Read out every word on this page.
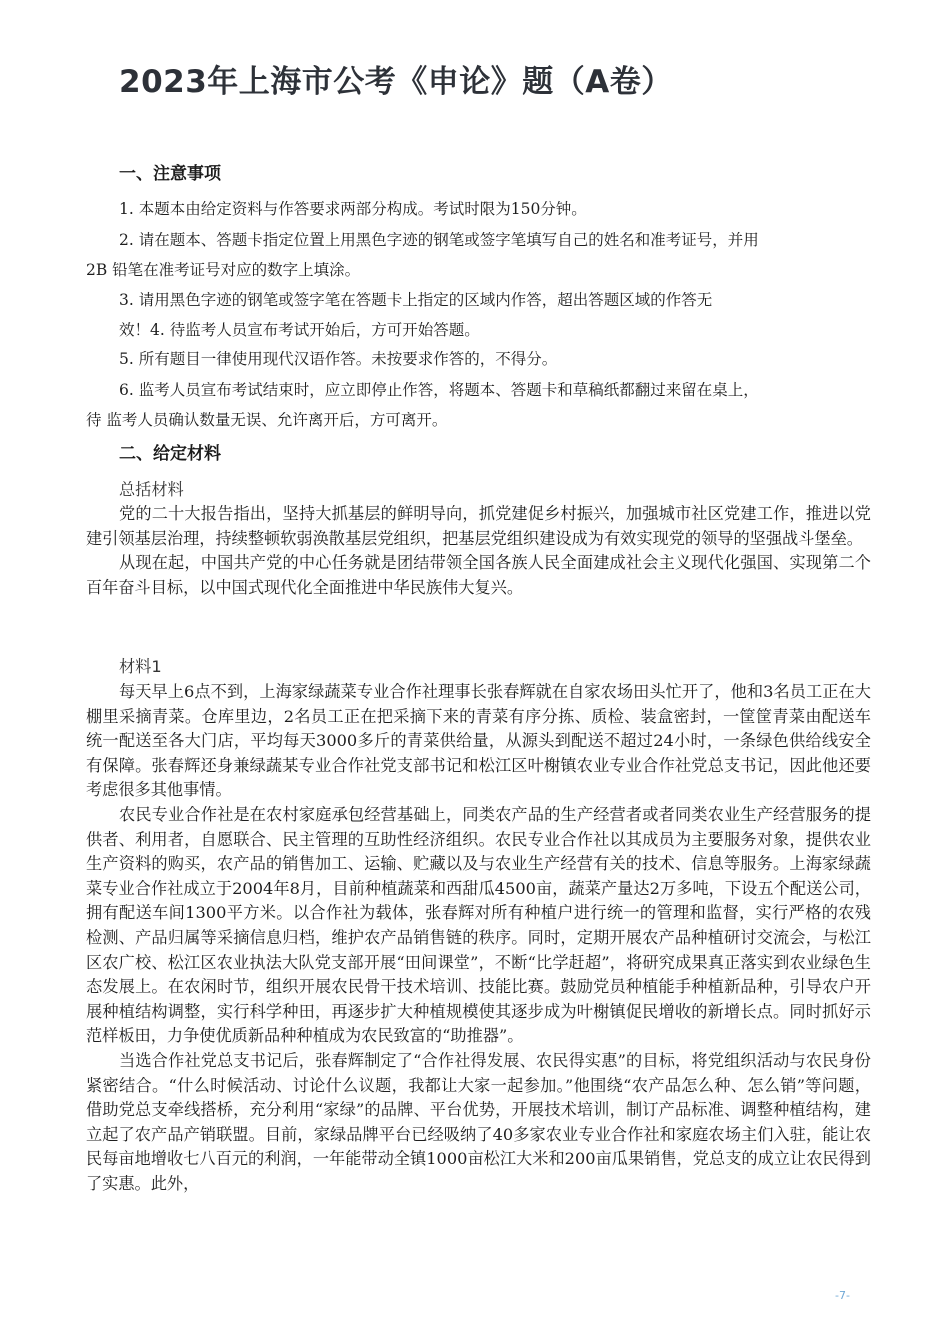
2023年上海市公考《申论》题（A卷）
一、注意事项
1. 本题本由给定资料与作答要求两部分构成。考试时限为150分钟。
2. 请在题本、答题卡指定位置上用黑色字迹的钢笔或签字笔填写自己的姓名和准考证号，并用
2B 铅笔在准考证号对应的数字上填涂。
3. 请用黑色字迹的钢笔或签字笔在答题卡上指定的区域内作答，超出答题区域的作答无
效！4. 待监考人员宣布考试开始后，方可开始答题。
5. 所有题目一律使用现代汉语作答。未按要求作答的，不得分。
6. 监考人员宣布考试结束时，应立即停止作答，将题本、答题卡和草稿纸都翻过来留在桌上，
待 监考人员确认数量无误、允许离开后，方可离开。
二、给定材料
总括材料

党的二十大报告指出，坚持大抓基层的鲜明导向，抓党建促乡村振兴，加强城市社区党建工作，推进以党建引领基层治理，持续整顿软弱涣散基层党组织，把基层党组织建设成为有效实现党的领导的坚强战斗堡垒。

从现在起，中国共产党的中心任务就是团结带领全国各族人民全面建成社会主义现代化强国、实现第二个百年奋斗目标，以中国式现代化全面推进中华民族伟大复兴。

材料1

每天早上6点不到，上海家绿蔬菜专业合作社理事长张春辉就在自家农场田头忙开了，他和3名员工正在大棚里采摘青菜。仓库里边，2名员工正在把采摘下来的青菜有序分拣、质检、装盒密封，一筐筐青菜由配送车统一配送至各大门店，平均每天3000多斤的青菜供给量，从源头到配送不超过24小时，一条绿色供给线安全有保障。张春辉还身兼绿蔬某专业合作社党支部书记和松江区叶榭镇农业专业合作社党总支书记，因此他还要考虑很多其他事情。

农民专业合作社是在农村家庭承包经营基础上，同类农产品的生产经营者或者同类农业生产经营服务的提供者、利用者，自愿联合、民主管理的互助性经济组织。农民专业合作社以其成员为主要服务对象，提供农业生产资料的购买，农产品的销售加工、运输、贮藏以及与农业生产经营有关的技术、信息等服务。上海家绿蔬菜专业合作社成立于2004年8月，目前种植蔬菜和西甜瓜4500亩，蔬菜产量达2万多吨，下设五个配送公司，拥有配送车间1300平方米。以合作社为载体，张春辉对所有种植户进行统一的管理和监督，实行严格的农残检测、产品归属等采摘信息归档，维护农产品销售链的秩序。同时，定期开展农产品种植研讨交流会，与松江区农广校、松江区农业执法大队党支部开展“田间课堂”，不断“比学赶超”，将研究成果真正落实到农业绿色生态发展上。在农闲时节，组织开展农民骨干技术培训、技能比赛。鼓励党员种植能手种植新品种，引导农户开展种植结构调整，实行科学种田，再逐步扩大种植规模使其逐步成为叶榭镇促民增收的新增长点。同时抓好示范样板田，力争使优质新品种种植成为农民致富的“助推器”。

当选合作社党总支书记后，张春辉制定了“合作社得发展、农民得实惠”的目标，将党组织活动与农民身份紧密结合。“什么时候活动、讨论什么议题，我都让大家一起参加。”他围绕“农产品怎么种、怎么销”等问题，借助党总支牵线搭桥，充分利用“家绿”的品牌、平台优势，开展技术培训，制订产品标准、调整种植结构，建立起了农产品产销联盟。目前，家绿品牌平台已经吸纳了40多家农业专业合作社和家庭农场主们入驻，能让农民每亩地增收七八百元的利润，一年能带动全镇1000亩松江大米和200亩瓜果销售，党总支的成立让农民得到了实惠。此外，

-7-
